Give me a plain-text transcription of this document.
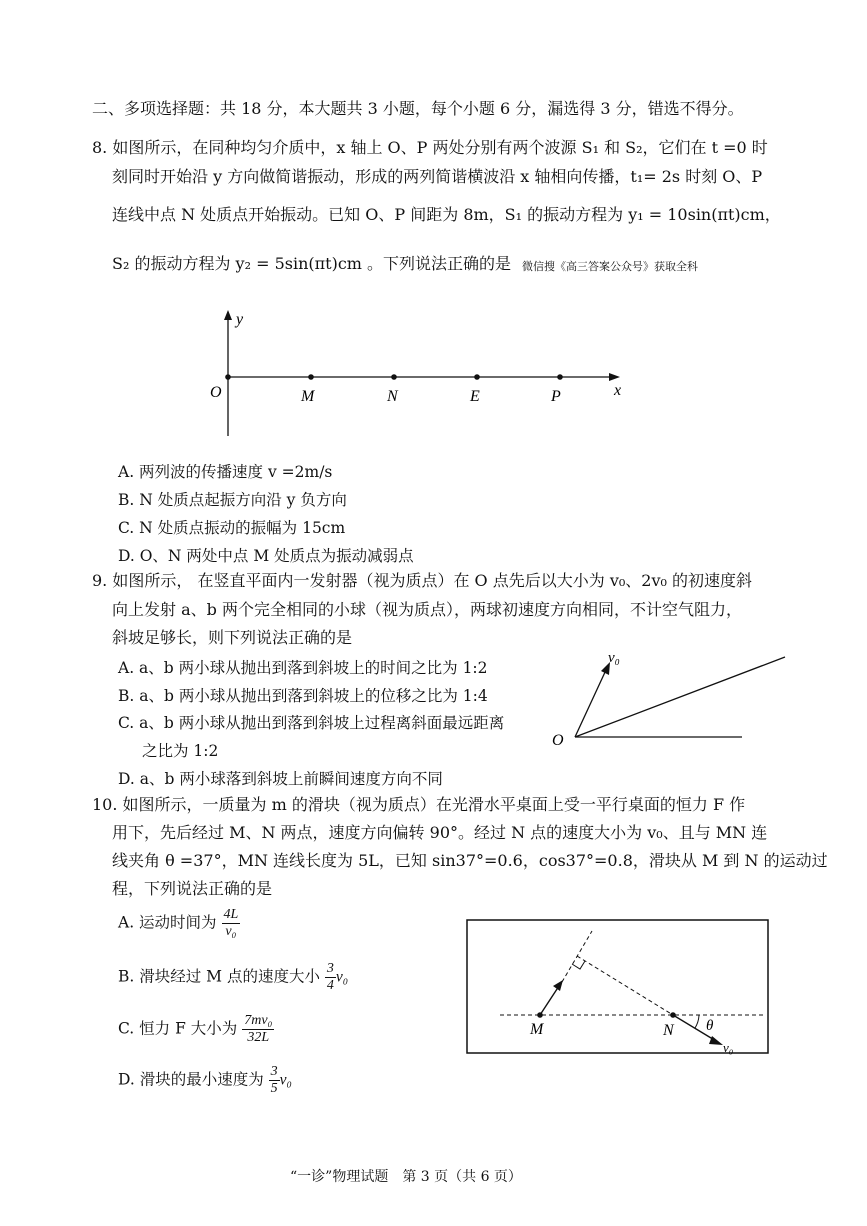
二、多项选择题：共 18 分，本大题共 3 小题，每个小题 6 分，漏选得 3 分，错选不得分。
8. 如图所示，在同种均匀介质中，x 轴上 O、P 两处分别有两个波源 S₁ 和 S₂，它们在 t =0 时
刻同时开始沿 y 方向做简谐振动，形成的两列简谐横波沿 x 轴相向传播，t₁= 2s 时刻 O、P
连线中点 N 处质点开始振动。已知 O、P 间距为 8m，S₁ 的振动方程为 y₁ = 10sin(πt)cm，
S₂ 的振动方程为 y₂ = 5sin(πt)cm 。下列说法正确的是 微信搜《高三答案公众号》获取全科
y
x
O	M	N	E	P
A. 两列波的传播速度 v =2m/s
B. N 处质点起振方向沿 y 负方向
C. N 处质点振动的振幅为 15cm
D. O、N 两处中点 M 处质点为振动减弱点
9. 如图所示， 在竖直平面内一发射器（视为质点）在 O 点先后以大小为 v₀、2v₀ 的初速度斜
向上发射 a、b 两个完全相同的小球（视为质点），两球初速度方向相同，不计空气阻力，
斜坡足够长，则下列说法正确的是
A. a、b 两小球从抛出到落到斜坡上的时间之比为 1:2
B. a、b 两小球从抛出到落到斜坡上的位移之比为 1:4
C. a、b 两小球从抛出到落到斜坡上过程离斜面最远距离
之比为 1:2
D. a、b 两小球落到斜坡上前瞬间速度方向不同
v₀
O
10. 如图所示，一质量为 m 的滑块（视为质点）在光滑水平桌面上受一平行桌面的恒力 F 作
用下，先后经过 M、N 两点，速度方向偏转 90°。经过 N 点的速度大小为 v₀、且与 MN 连
线夹角 θ =37°，MN 连线长度为 5L，已知 sin37°=0.6，cos37°=0.8，滑块从 M 到 N 的运动过
程，下列说法正确的是
A. 运动时间为 $\frac{4L}{\text{v₀}}$
B. 滑块经过 M 点的速度大小 $\frac{3}{4} v_0$
C. 恒力 F 大小为 $\frac{\text{7mv₀}}{32L}$
D. 滑块的最小速度为 $\frac{3}{5} v_0$
M	N θ
v₀
“一诊”物理试题　第 3 页（共 6 页）
